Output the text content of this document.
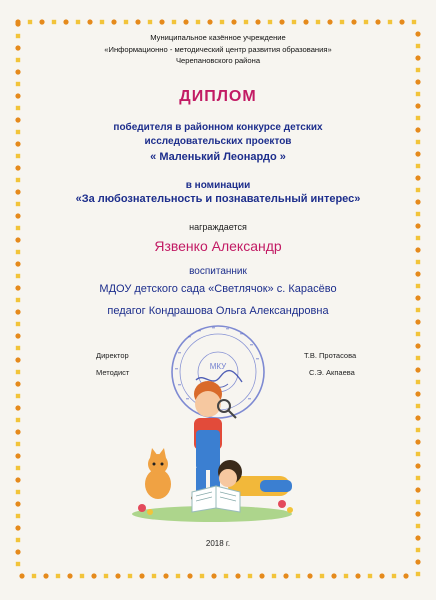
Муниципальное казённое учреждение
«Информационно - методический центр развития образования»
Черепановского района
ДИПЛОМ
победителя в районном конкурсе детских
исследовательских проектов
« Маленький Леонардо »
в номинации
«За любознательность и познавательный интерес»
награждается
Язвенко Александр
воспитанник
МДОУ детского сада «Светлячок» с. Карасёво
педагог Кондрашова Ольга Александровна
Директор	Т.В. Протасова
Методист	С.Э. Акпаева
МКУ
2018 г.
